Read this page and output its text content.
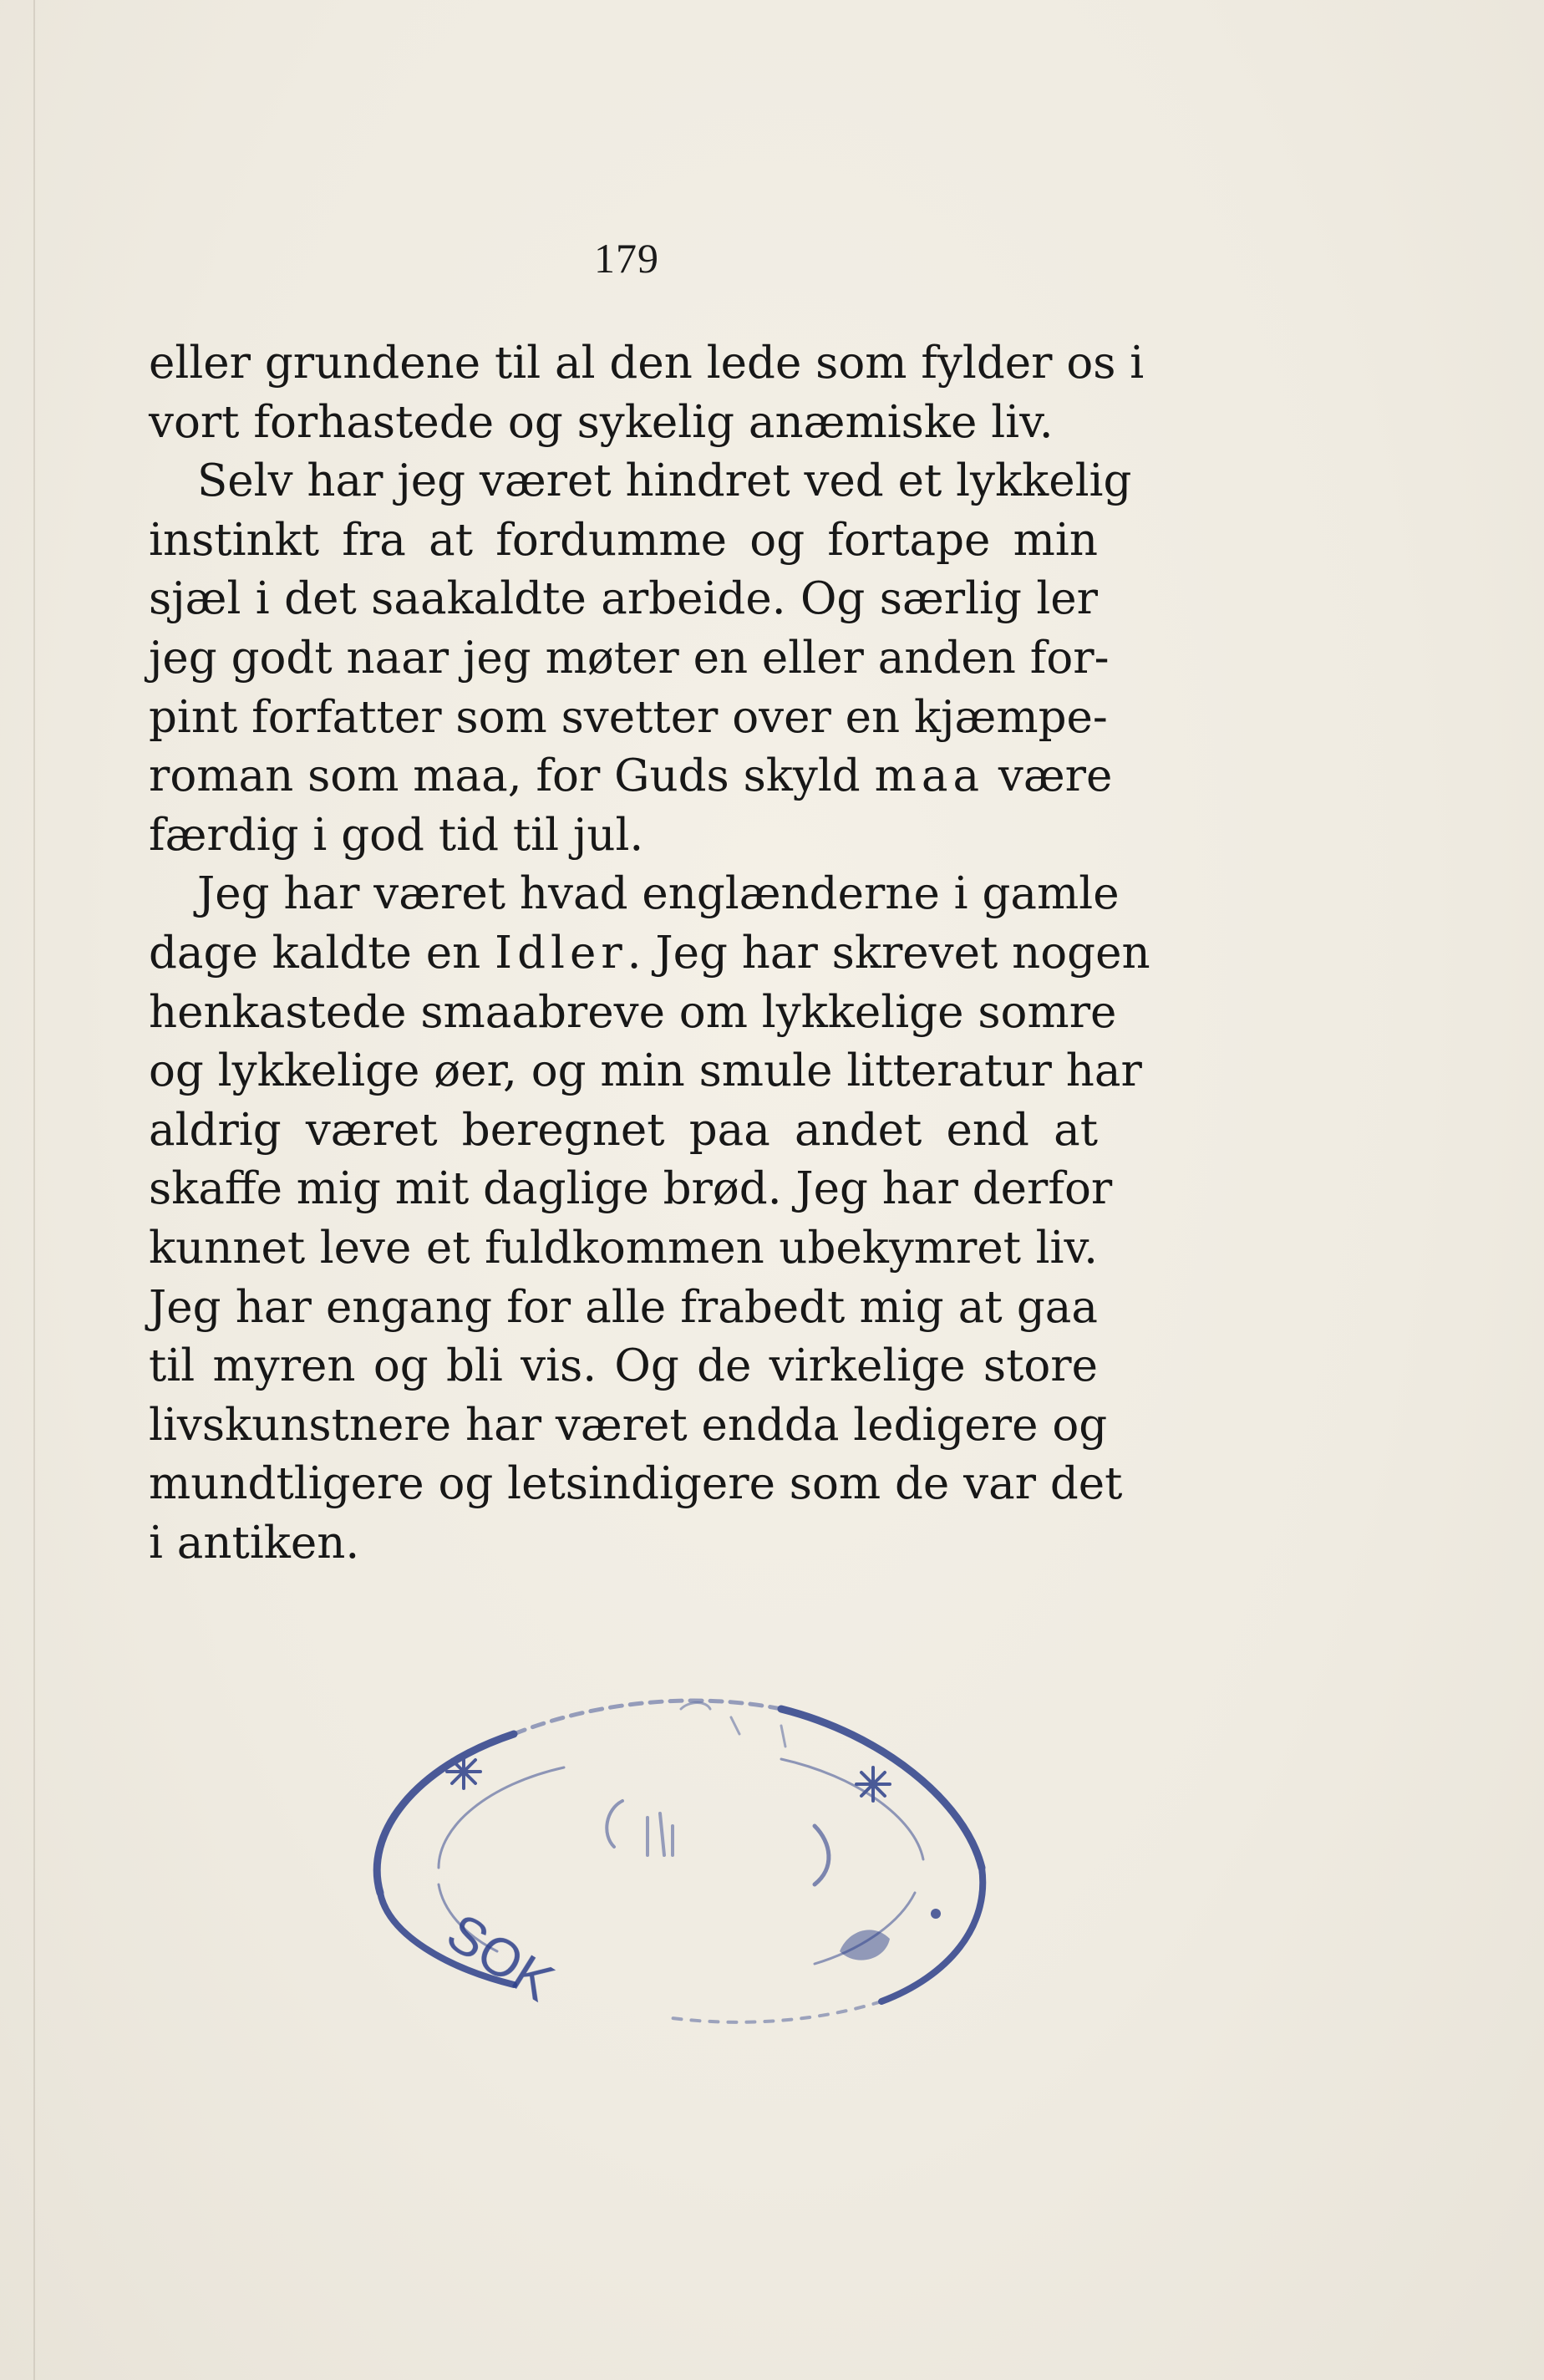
179
eller grundene til al den lede som fylder os i
vort forhastede og sykelig anæmiske liv.
Selv har jeg været hindret ved et lykkelig
instinkt fra at fordumme og fortape min
sjæl i det saakaldte arbeide. Og særlig ler
jeg godt naar jeg møter en eller anden for-
pint forfatter som svetter over en kjæmpe-
roman som maa, for Guds skyld maa være
færdig i god tid til jul.
Jeg har været hvad englænderne i gamle
dage kaldte en Idler. Jeg har skrevet nogen
henkastede smaabreve om lykkelige somre
og lykkelige øer, og min smule litteratur har
aldrig været beregnet paa andet end at
skaffe mig mit daglige brød. Jeg har derfor
kunnet leve et fuldkommen ubekymret liv.
Jeg har engang for alle frabedt mig at gaa
til myren og bli vis. Og de virkelige store
livskunstnere har været endda ledigere og
mundtligere og letsindigere som de var det
i antiken.
SOK
